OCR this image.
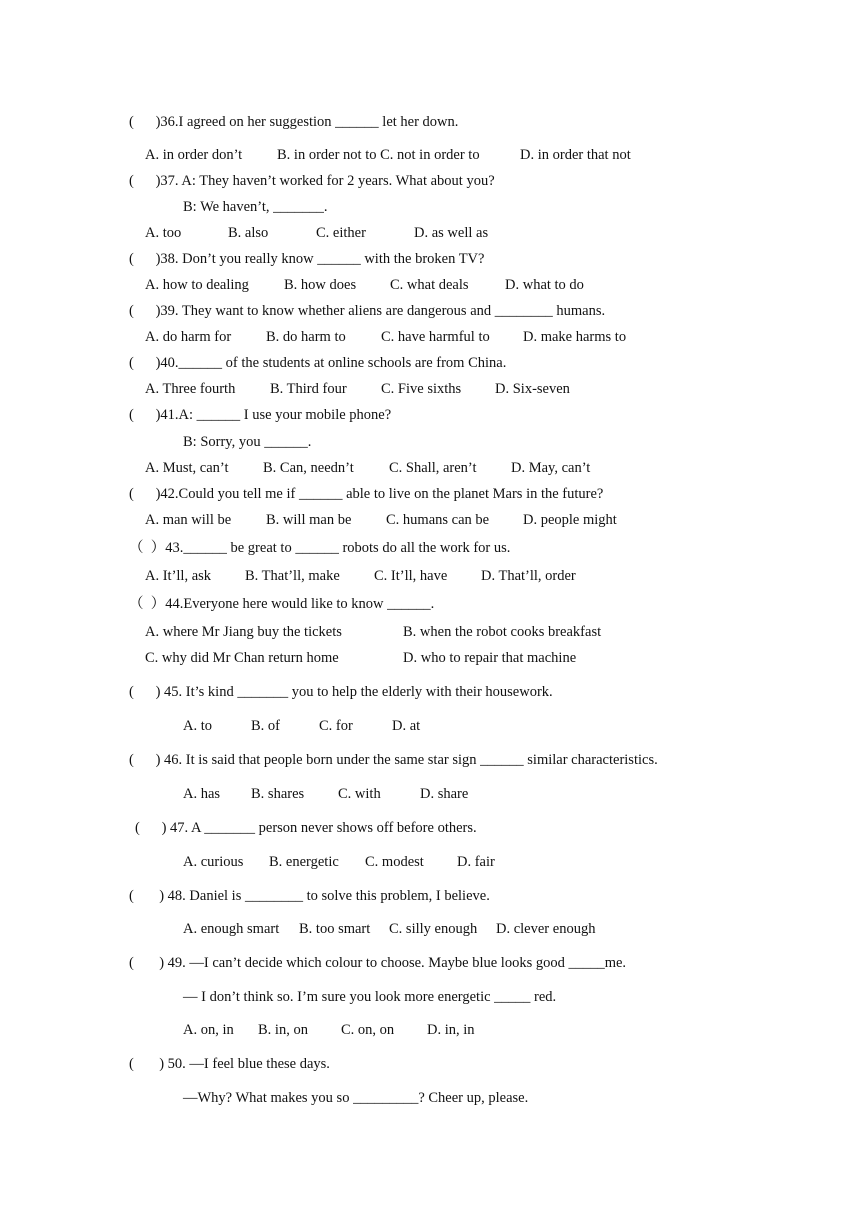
(      )36.I agreed on her suggestion ______ let her down.
A. in order don’t B. in order not to C. not in order to	D. in order that not
(      )37. A: They haven’t worked for 2 years. What about you?
B: We haven’t, _______.
A. too	B. also	C. either	D. as well as
(      )38. Don’t you really know ______ with the broken TV?
A. how to dealing B. how does C. what deals	D. what to do
(      )39. They want to know whether aliens are dangerous and ________ humans.
A. do harm for B. do harm to C. have harmful to D. make harms to
(      )40.______ of the students at online schools are from China.
A. Three fourth B. Third four C. Five sixths D. Six-seven
(      )41.A: ______ I use your mobile phone?
B: Sorry, you ______.
A. Must, can’t B. Can, needn’t C. Shall, aren’t D. May, can’t
(      )42.Could you tell me if ______ able to live on the planet Mars in the future?
A. man will be B. will man be C. humans can be D. people might
（  ）43.______ be great to ______ robots do all the work for us.
A. It’ll, ask B. That’ll, make C. It’ll, have D. That’ll, order
（  ）44.Everyone here would like to know ______.
A. where Mr Jiang buy the tickets	B. when the robot cooks breakfast
C. why did Mr Chan return home	D. who to repair that machine
(      ) 45. It’s kind _______ you to help the elderly with their housework.
A. to	B. of	C. for	D. at
(      ) 46. It is said that people born under the same star sign ______ similar characteristics.
A. has B. shares C. with	D. share
(      ) 47. A _______ person never shows off before others.
A. curious B. energetic C. modest D. fair
(       ) 48. Daniel is ________ to solve this problem, I believe.
A. enough smart B. too smart C. silly enough D. clever enough
(       ) 49. —I can’t decide which colour to choose. Maybe blue looks good _____me.
— I don’t think so. I’m sure you look more energetic _____ red.
A. on, in B. in, on C. on, on D. in, in
(       ) 50. —I feel blue these days.
—Why? What makes you so _________? Cheer up, please.
